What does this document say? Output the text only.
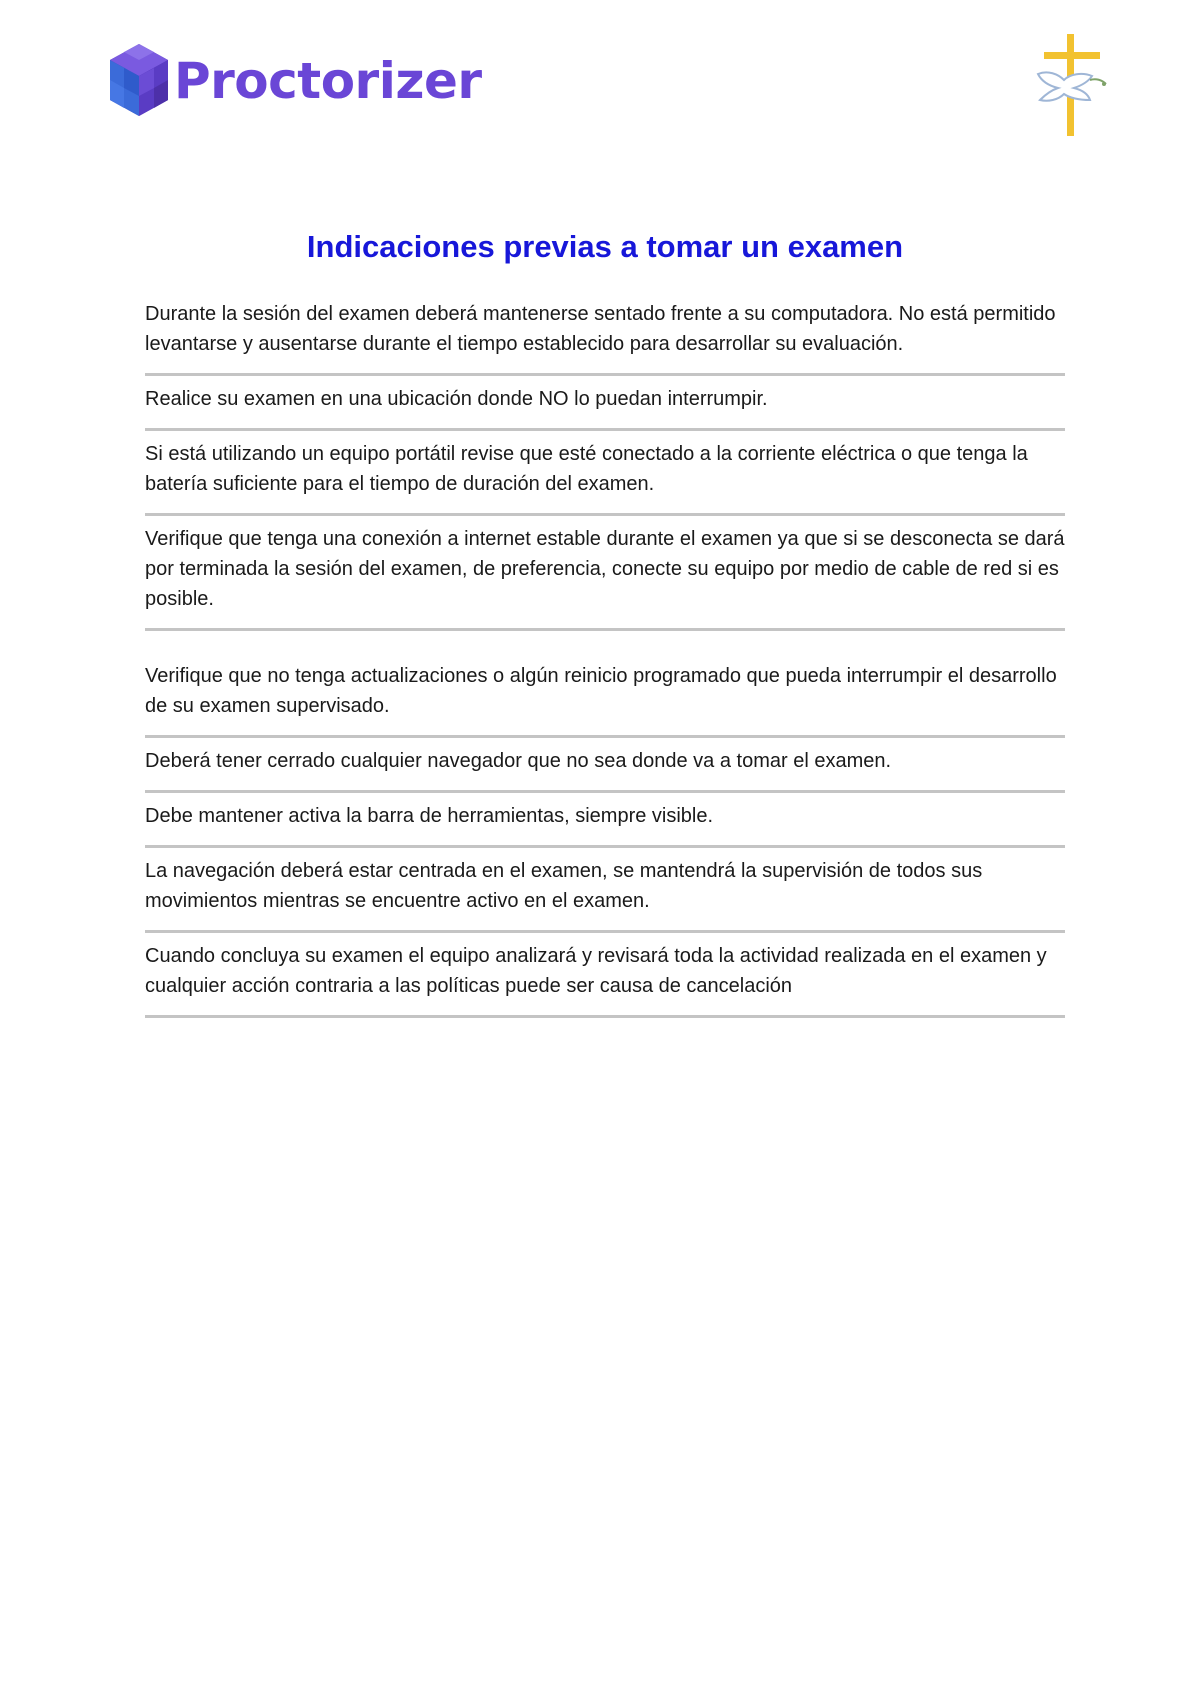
Proctorizer
Indicaciones previas a tomar un examen
Durante la sesión del examen deberá mantenerse sentado frente a su computadora. No está permitido levantarse y ausentarse durante el tiempo establecido para desarrollar su evaluación.
Realice su examen en una ubicación donde NO lo puedan interrumpir.
Si está utilizando un equipo portátil revise que esté conectado a la corriente eléctrica o que tenga la batería suficiente para el tiempo de duración del examen.
Verifique que tenga una conexión a internet estable durante el examen ya que si se desconecta se dará por terminada la sesión del examen, de preferencia, conecte su equipo por medio de cable de red si es posible.
Verifique que no tenga actualizaciones o algún reinicio programado que pueda interrumpir el desarrollo de su examen supervisado.
Deberá tener cerrado cualquier navegador que no sea donde va a tomar el examen.
Debe mantener activa la barra de herramientas, siempre visible.
La navegación deberá estar centrada en el examen, se mantendrá la supervisión de todos sus movimientos mientras se encuentre activo en el examen.
Cuando concluya su examen el equipo analizará y revisará toda la actividad realizada en el examen y cualquier acción contraria a las políticas puede ser causa de cancelación
